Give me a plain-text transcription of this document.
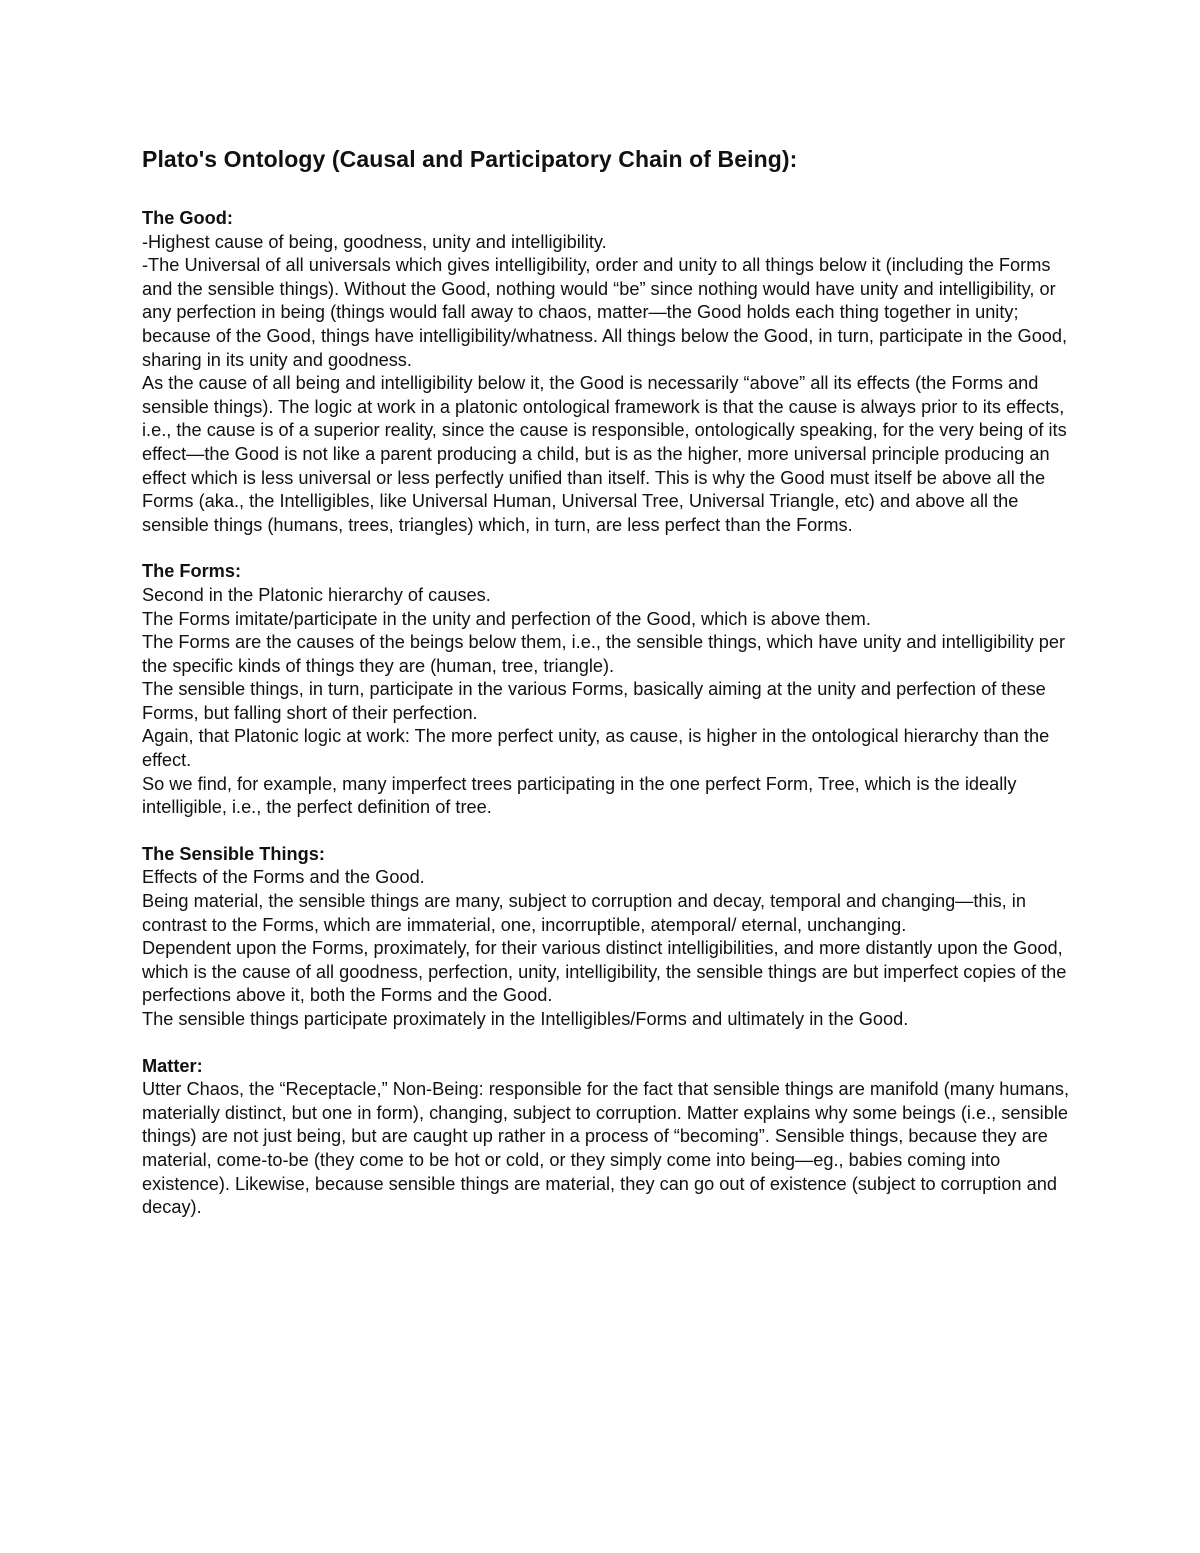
Plato's Ontology (Causal and Participatory Chain of Being):
The Good:

-Highest cause of being, goodness, unity and intelligibility.

-The Universal of all universals which gives intelligibility, order and unity to all things below it (including the Forms and the sensible things). Without the Good, nothing would “be” since nothing would have unity and intelligibility, or any perfection in being (things would fall away to chaos, matter—the Good holds each thing together in unity; because of the Good, things have intelligibility/whatness. All things below the Good, in turn, participate in the Good, sharing in its unity and goodness.

As the cause of all being and intelligibility below it, the Good is necessarily “above” all its effects (the Forms and sensible things). The logic at work in a platonic ontological framework is that the cause is always prior to its effects, i.e., the cause is of a superior reality, since the cause is responsible, ontologically speaking, for the very being of its effect—the Good is not like a parent producing a child, but is as the higher, more universal principle producing an effect which is less universal or less perfectly unified than itself. This is why the Good must itself be above all the Forms (aka., the Intelligibles, like Universal Human, Universal Tree, Universal Triangle, etc) and above all the sensible things (humans, trees, triangles) which, in turn, are less perfect than the Forms.

The Forms:

Second in the Platonic hierarchy of causes.

The Forms imitate/participate in the unity and perfection of the Good, which is above them.

The Forms are the causes of the beings below them, i.e., the sensible things, which have unity and intelligibility per the specific kinds of things they are (human, tree, triangle).

The sensible things, in turn, participate in the various Forms, basically aiming at the unity and perfection of these Forms, but falling short of their perfection.

Again, that Platonic logic at work: The more perfect unity, as cause, is higher in the ontological hierarchy than the effect.

So we find, for example, many imperfect trees participating in the one perfect Form, Tree, which is the ideally intelligible, i.e., the perfect definition of tree.

The Sensible Things:

Effects of the Forms and the Good.

Being material, the sensible things are many, subject to corruption and decay, temporal and changing—this, in contrast to the Forms, which are immaterial, one, incorruptible, atemporal/ eternal, unchanging.

Dependent upon the Forms, proximately, for their various distinct intelligibilities, and more distantly upon the Good, which is the cause of all goodness, perfection, unity, intelligibility, the sensible things are but imperfect copies of the perfections above it, both the Forms and the Good.

The sensible things participate proximately in the Intelligibles/Forms and ultimately in the Good.

Matter:

Utter Chaos, the “Receptacle,” Non-Being: responsible for the fact that sensible things are manifold (many humans, materially distinct, but one in form), changing, subject to corruption. Matter explains why some beings (i.e., sensible things) are not just being, but are caught up rather in a process of “becoming”. Sensible things, because they are material, come-to-be (they come to be hot or cold, or they simply come into being—eg., babies coming into existence). Likewise, because sensible things are material, they can go out of existence (subject to corruption and decay).
